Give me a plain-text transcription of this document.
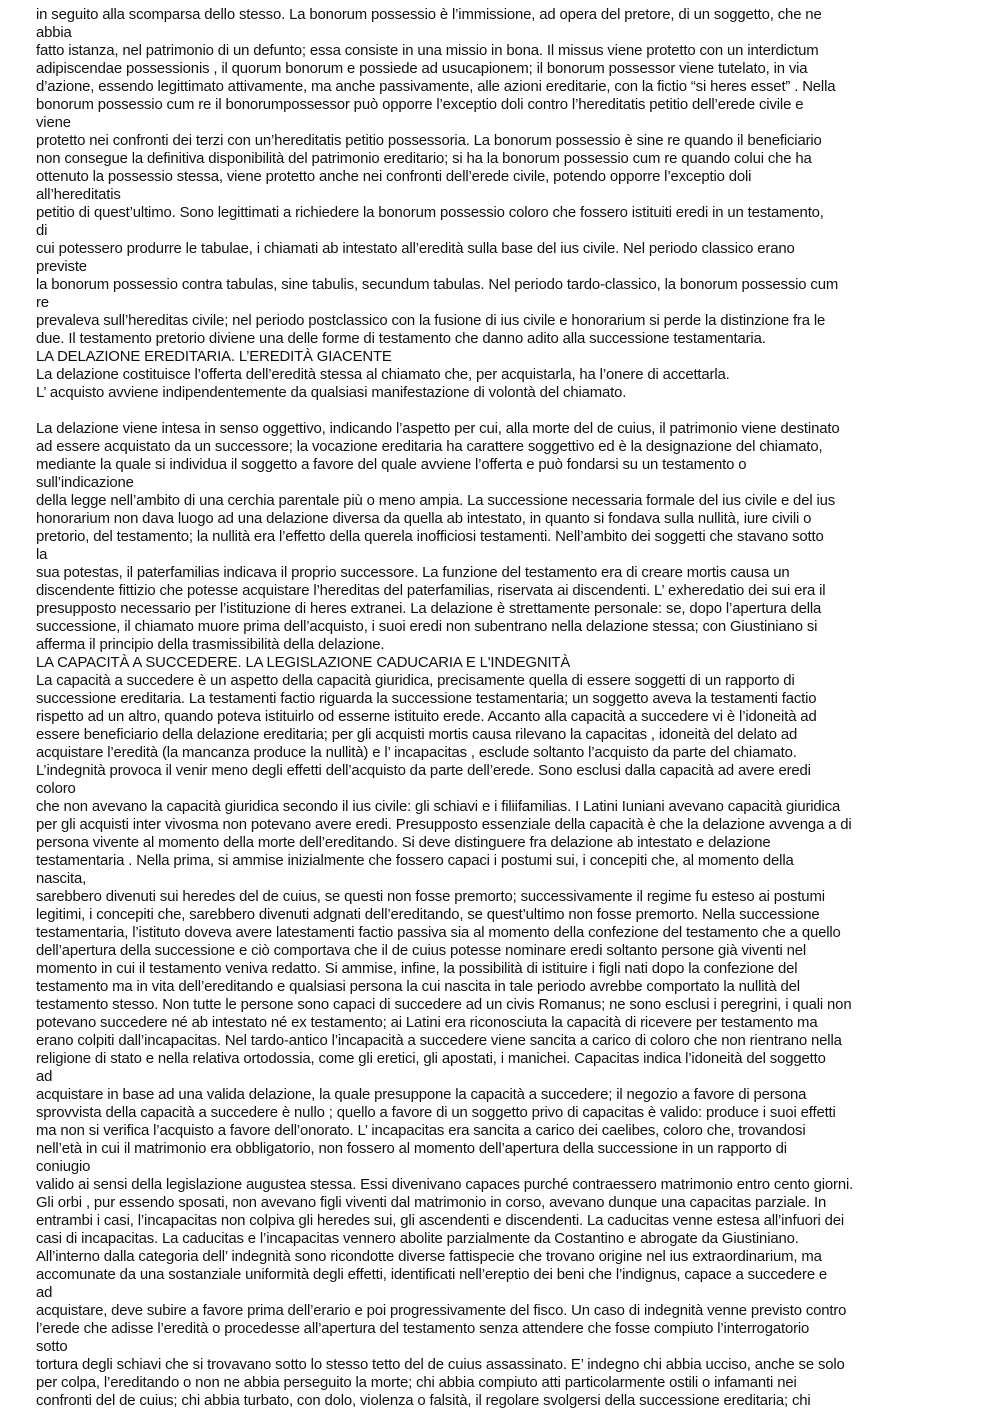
in seguito alla scomparsa dello stesso. La bonorum possessio è l’immissione, ad opera del pretore, di un soggetto, che ne
abbia
fatto istanza, nel patrimonio di un defunto; essa consiste in una missio in bona. Il missus viene protetto con un interdictum
adipiscendae possessionis , il quorum bonorum e possiede ad usucapionem; il bonorum possessor viene tutelato, in via
d’azione, essendo legittimato attivamente, ma anche passivamente, alle azioni ereditarie, con la fictio “si heres esset” . Nella
bonorum possessio cum re il bonorumpossessor può opporre l’exceptio doli contro l’hereditatis petitio dell’erede civile e
viene
protetto nei confronti dei terzi con un’hereditatis petitio possessoria. La bonorum possessio è sine re quando il beneficiario
non consegue la definitiva disponibilità del patrimonio ereditario; si ha la bonorum possessio cum re quando colui che ha
ottenuto la possessio stessa, viene protetto anche nei confronti dell’erede civile, potendo opporre l’exceptio doli
all’hereditatis
petitio di quest’ultimo. Sono legittimati a richiedere la bonorum possessio coloro che fossero istituiti eredi in un testamento,
di
cui potessero produrre le tabulae, i chiamati ab intestato all’eredità sulla base del ius civile. Nel periodo classico erano
previste
la bonorum possessio contra tabulas, sine tabulis, secundum tabulas. Nel periodo tardo-classico, la bonorum possessio cum
re
prevaleva sull’hereditas civile; nel periodo postclassico con la fusione di ius civile e honorarium si perde la distinzione fra le
due. Il testamento pretorio diviene una delle forme di testamento che danno adito alla successione testamentaria.
LA DELAZIONE EREDITARIA. L’EREDITÀ GIACENTE
La delazione costituisce l’offerta dell’eredità stessa al chiamato che, per acquistarla, ha l’onere di accettarla.
L’ acquisto avviene indipendentemente da qualsiasi manifestazione di volontà del chiamato.
La delazione viene intesa in senso oggettivo, indicando l’aspetto per cui, alla morte del de cuius, il patrimonio viene destinato
ad essere acquistato da un successore; la vocazione ereditaria ha carattere soggettivo ed è la designazione del chiamato,
mediante la quale si individua il soggetto a favore del quale avviene l’offerta e può fondarsi su un testamento o
sull’indicazione
della legge nell’ambito di una cerchia parentale più o meno ampia. La successione necessaria formale del ius civile e del ius
honorarium non dava luogo ad una delazione diversa da quella ab intestato, in quanto si fondava sulla nullità, iure civili o
pretorio, del testamento; la nullità era l’effetto della querela inofficiosi testamenti. Nell’ambito dei soggetti che stavano sotto
la
sua potestas, il paterfamilias indicava il proprio successore. La funzione del testamento era di creare mortis causa un
discendente fittizio che potesse acquistare l’hereditas del paterfamilias, riservata ai discendenti. L’ exheredatio dei sui era il
presupposto necessario per l’istituzione di heres extranei. La delazione è strettamente personale: se, dopo l’apertura della
successione, il chiamato muore prima dell’acquisto, i suoi eredi non subentrano nella delazione stessa; con Giustiniano si
afferma il principio della trasmissibilità della delazione.
LA CAPACITÀ A SUCCEDERE. LA LEGISLAZIONE CADUCARIA E L'INDEGNITÀ
La capacità a succedere è un aspetto della capacità giuridica, precisamente quella di essere soggetti di un rapporto di
successione ereditaria. La testamenti factio riguarda la successione testamentaria; un soggetto aveva la testamenti factio
rispetto ad un altro, quando poteva istituirlo od esserne istituito erede. Accanto alla capacità a succedere vi è l’idoneità ad
essere beneficiario della delazione ereditaria; per gli acquisti mortis causa rilevano la capacitas , idoneità del delato ad
acquistare l’eredità (la mancanza produce la nullità) e l’ incapacitas , esclude soltanto l’acquisto da parte del chiamato.
L’indegnità provoca il venir meno degli effetti dell’acquisto da parte dell’erede. Sono esclusi dalla capacità ad avere eredi
coloro
che non avevano la capacità giuridica secondo il ius civile: gli schiavi e i filiifamilias. I Latini Iuniani avevano capacità giuridica
per gli acquisti inter vivosma non potevano avere eredi. Presupposto essenziale della capacità è che la delazione avvenga a di
persona vivente al momento della morte dell’ereditando. Si deve distinguere fra delazione ab intestato e delazione
testamentaria . Nella prima, si ammise inizialmente che fossero capaci i postumi sui, i concepiti che, al momento della
nascita,
sarebbero divenuti sui heredes del de cuius, se questi non fosse premorto; successivamente il regime fu esteso ai postumi
legitimi, i concepiti che, sarebbero divenuti adgnati dell’ereditando, se quest’ultimo non fosse premorto. Nella successione
testamentaria, l’istituto doveva avere latestamenti factio passiva sia al momento della confezione del testamento che a quello
dell’apertura della successione e ciò comportava che il de cuius potesse nominare eredi soltanto persone già viventi nel
momento in cui il testamento veniva redatto. Si ammise, infine, la possibilità di istituire i figli nati dopo la confezione del
testamento ma in vita dell’ereditando e qualsiasi persona la cui nascita in tale periodo avrebbe comportato la nullità del
testamento stesso. Non tutte le persone sono capaci di succedere ad un civis Romanus; ne sono esclusi i peregrini, i quali non
potevano succedere né ab intestato né ex testamento; ai Latini era riconosciuta la capacità di ricevere per testamento ma
erano colpiti dall’incapacitas. Nel tardo-antico l’incapacità a succedere viene sancita a carico di coloro che non rientrano nella
religione di stato e nella relativa ortodossia, come gli eretici, gli apostati, i manichei. Capacitas indica l’idoneità del soggetto
ad
acquistare in base ad una valida delazione, la quale presuppone la capacità a succedere; il negozio a favore di persona
sprovvista della capacità a succedere è nullo ; quello a favore di un soggetto privo di capacitas è valido: produce i suoi effetti
ma non si verifica l’acquisto a favore dell’onorato. L’ incapacitas era sancita a carico dei caelibes, coloro che, trovandosi
nell’età in cui il matrimonio era obbligatorio, non fossero al momento dell’apertura della successione in un rapporto di
coniugio
valido ai sensi della legislazione augustea stessa. Essi divenivano capaces purché contraessero matrimonio entro cento giorni.
Gli orbi , pur essendo sposati, non avevano figli viventi dal matrimonio in corso, avevano dunque una capacitas parziale. In
entrambi i casi, l’incapacitas non colpiva gli heredes sui, gli ascendenti e discendenti. La caducitas venne estesa all’infuori dei
casi di incapacitas. La caducitas e l’incapacitas vennero abolite parzialmente da Costantino e abrogate da Giustiniano.
All’interno dalla categoria dell’ indegnità sono ricondotte diverse fattispecie che trovano origine nel ius extraordinarium, ma
accomunate da una sostanziale uniformità degli effetti, identificati nell’ereptio dei beni che l’indignus, capace a succedere e
ad
acquistare, deve subire a favore prima dell’erario e poi progressivamente del fisco. Un caso di indegnità venne previsto contro
l’erede che adisse l’eredità o procedesse all’apertura del testamento senza attendere che fosse compiuto l’interrogatorio
sotto
tortura degli schiavi che si trovavano sotto lo stesso tetto del de cuius assassinato. E’ indegno chi abbia ucciso, anche se solo
per colpa, l’ereditando o non ne abbia perseguito la morte; chi abbia compiuto atti particolarmente ostili o infamanti nei
confronti del de cuius; chi abbia turbato, con dolo, violenza o falsità, il regolare svolgersi della successione ereditaria; chi
